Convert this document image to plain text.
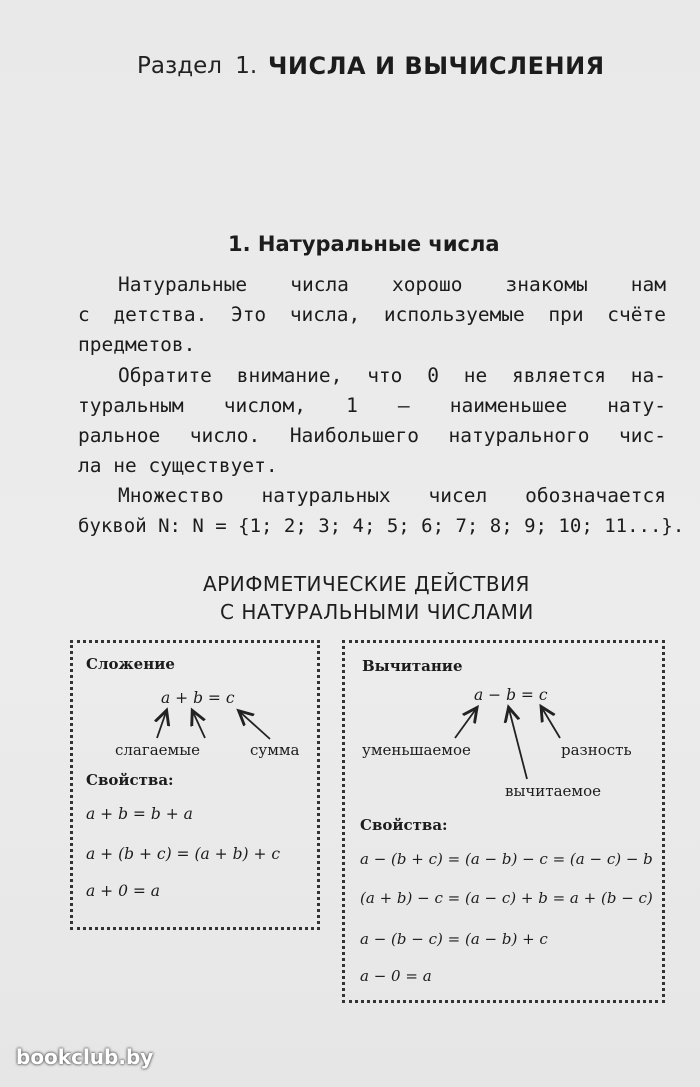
Раздел 1. ЧИСЛА И ВЫЧИСЛЕНИЯ
1. Натуральные числа
Натуральные числа хорошо знакомы нам
с детства. Это числа, используемые при счёте
предметов.
Обратите внимание, что 0 не является на-
туральным числом, 1 — наименьшее нату-
ральное число. Наибольшего натурального чис-
ла не существует.
Множество натуральных чисел обозначается
буквой N: N = {1; 2; 3; 4; 5; 6; 7; 8; 9; 10; 11...}.
АРИФМЕТИЧЕСКИЕ ДЕЙСТВИЯ
С НАТУРАЛЬНЫМИ ЧИСЛАМИ
Сложение
a + b = c
слагаемые	сумма
Свойства:
a + b = b + a
a + (b + c) = (a + b) + c
a + 0 = a
Вычитание
a − b = c
уменьшаемое	разность
вычитаемое
Свойства:
a − (b + c) = (a − b) − c = (a − c) − b
(a + b) − c = (a − c) + b = a + (b − c)
a − (b − c) = (a − b) + c
a − 0 = a
bookclub.by
